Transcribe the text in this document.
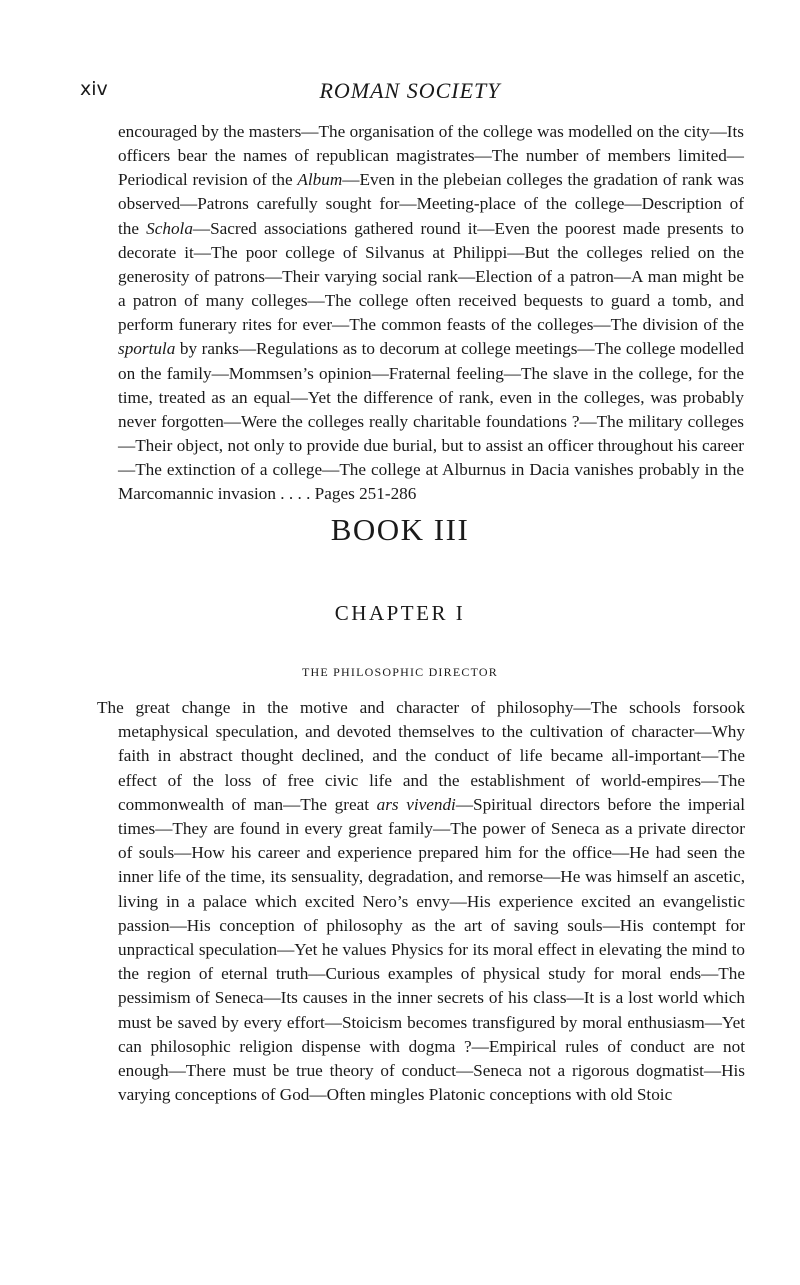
xiv	ROMAN SOCIETY

encouraged by the masters—The organisation of the college was modelled on the city—Its officers bear the names of republican magistrates—The number of members limited—Periodical revision of the Album—Even in the plebeian colleges the gradation of rank was observed—Patrons carefully sought for—Meeting-place of the college—Description of the Schola—Sacred associations gathered round it—Even the poorest made presents to decorate it—The poor college of Silvanus at Philippi—But the colleges relied on the generosity of patrons—Their varying social rank—Election of a patron—A man might be a patron of many colleges—The college often received bequests to guard a tomb, and perform funerary rites for ever—The common feasts of the colleges—The division of the sportula by ranks—Regulations as to decorum at college meetings—The college modelled on the family—Mommsen’s opinion—Fraternal feeling—The slave in the college, for the time, treated as an equal—Yet the difference of rank, even in the colleges, was probably never forgotten—Were the colleges really charitable foundations ?—The military colleges—Their object, not only to provide due burial, but to assist an officer throughout his career—The extinction of a college—The college at Alburnus in Dacia vanishes probably in the Marcomannic invasion . . . . Pages 251-286

BOOK III
CHAPTER I
THE PHILOSOPHIC DIRECTOR

The great change in the motive and character of philosophy—The schools forsook metaphysical speculation, and devoted themselves to the cultivation of character—Why faith in abstract thought declined, and the conduct of life became all-important—The effect of the loss of free civic life and the establishment of world-empires—The commonwealth of man—The great ars vivendi—Spiritual directors before the imperial times—They are found in every great family—The power of Seneca as a private director of souls—How his career and experience prepared him for the office—He had seen the inner life of the time, its sensuality, degradation, and remorse—He was himself an ascetic, living in a palace which excited Nero’s envy—His experience excited an evangelistic passion—His conception of philosophy as the art of saving souls—His contempt for unpractical speculation—Yet he values Physics for its moral effect in elevating the mind to the region of eternal truth—Curious examples of physical study for moral ends—The pessimism of Seneca—Its causes in the inner secrets of his class—It is a lost world which must be saved by every effort—Stoicism becomes transfigured by moral enthusiasm—Yet can philosophic religion dispense with dogma ?—Empirical rules of conduct are not enough—There must be true theory of conduct—Seneca not a rigorous dogmatist—His varying conceptions of God—Often mingles Platonic conceptions with old Stoic
